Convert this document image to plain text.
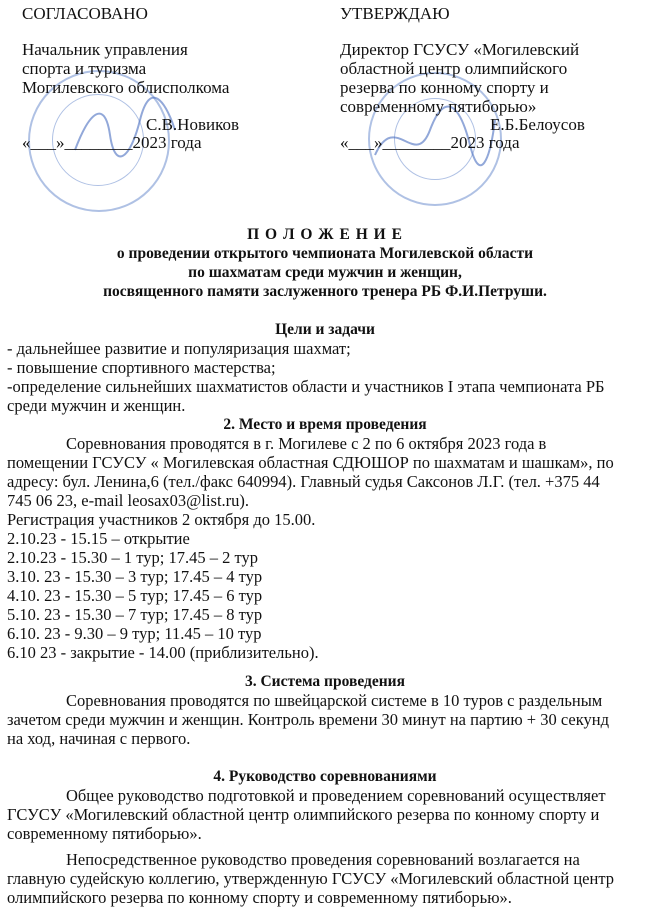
СОГЛАСОВАНО
Начальник управления
спорта и туризма
Могилевского облисполкома
С.В.Новиков
«___»________2023 года
УТВЕРЖДАЮ
Директор ГСУСУ «Могилевский
областной центр олимпийского
резерва по конному спорту и
современному пятиборью»
Е.Б.Белоусов
«___»________2023 года
П О Л О Ж Е Н И Е
о проведении открытого чемпионата Могилевской области
по шахматам среди мужчин и женщин,
посвященного памяти заслуженного тренера РБ Ф.И.Петруши.
Цели и задачи
- дальнейшее развитие и популяризация шахмат;
- повышение спортивного мастерства;
-определение сильнейших шахматистов области и участников I этапа чемпионата РБ
среди мужчин и женщин.
2. Место и время проведения
Соревнования проводятся в г. Могилеве с 2 по 6 октября 2023 года в
помещении ГСУСУ « Могилевская областная СДЮШОР по шахматам и шашкам», по
адресу: бул. Ленина,6 (тел./факс 640994). Главный судья Саксонов Л.Г. (тел. +375 44
745 06 23, e-mail leosax03@list.ru).
Регистрация участников 2 октября до 15.00.
2.10.23 - 15.15 – открытие
2.10.23 - 15.30 – 1 тур; 17.45 – 2 тур
3.10. 23 - 15.30 – 3 тур; 17.45 – 4 тур
4.10. 23 - 15.30 – 5 тур; 17.45 – 6 тур
5.10. 23 - 15.30 – 7 тур; 17.45 – 8 тур
6.10. 23 - 9.30 – 9 тур; 11.45 – 10 тур
6.10 23 - закрытие - 14.00 (приблизительно).
3. Система проведения
Соревнования проводятся по швейцарской системе в 10 туров с раздельным
зачетом среди мужчин и женщин. Контроль времени 30 минут на партию + 30 секунд
на ход, начиная с первого.
4. Руководство соревнованиями
Общее руководство подготовкой и проведением соревнований осуществляет
ГСУСУ «Могилевский областной центр олимпийского резерва по конному спорту и
современному пятиборью».
Непосредственное руководство проведения соревнований возлагается на
главную судейскую коллегию, утвержденную ГСУСУ «Могилевский областной центр
олимпийского резерва по конному спорту и современному пятиборью».
